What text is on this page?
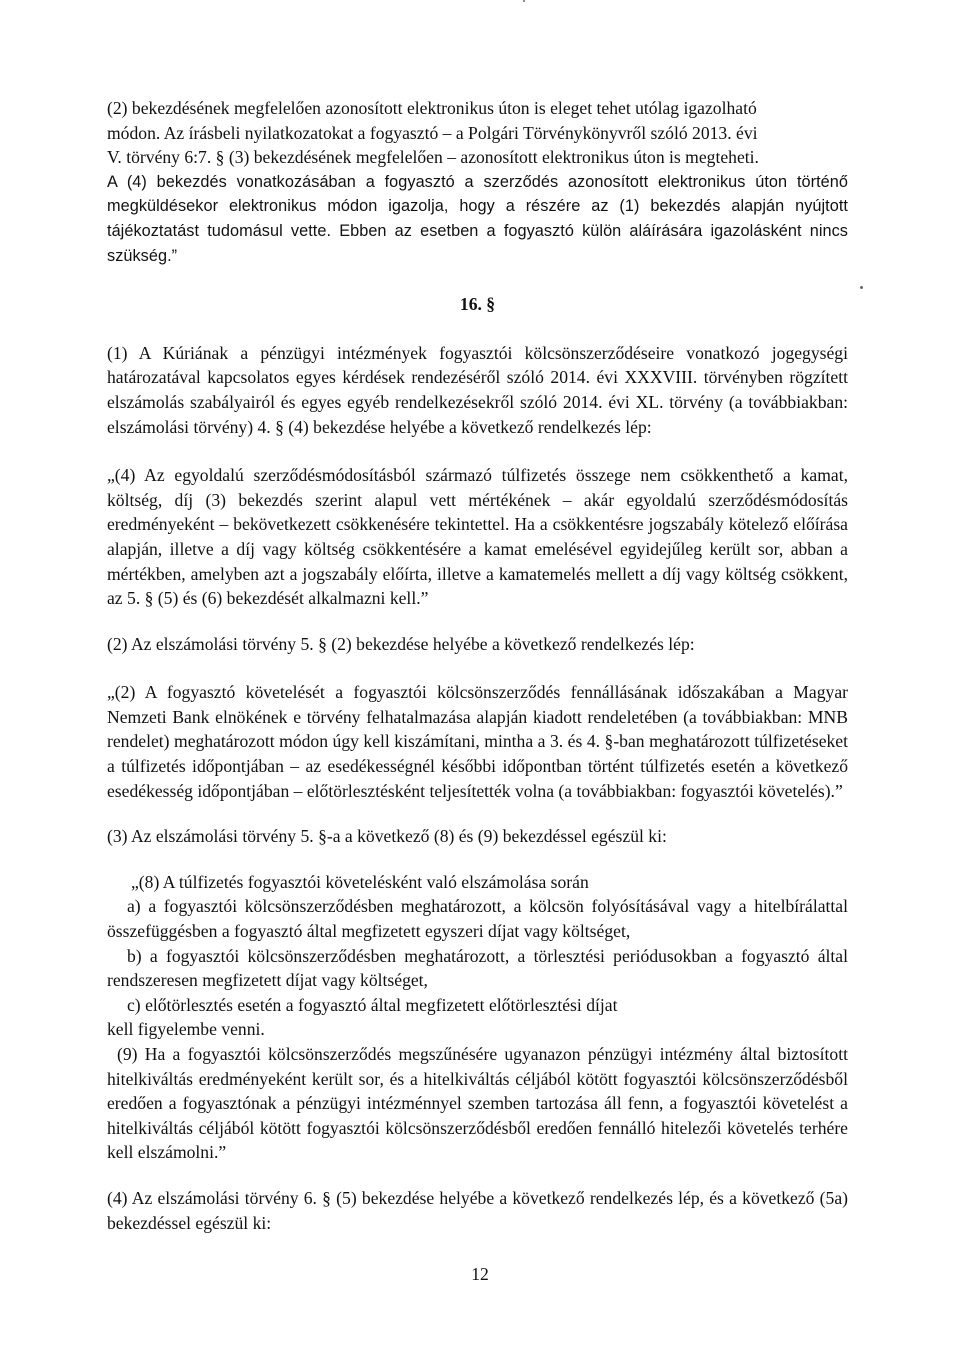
(2) bekezdésének megfelelően azonosított elektronikus úton is eleget tehet utólag igazolható

módon. Az írásbeli nyilatkozatokat a fogyasztó – a Polgári Törvénykönyvről szóló 2013. évi

V. törvény 6:7. § (3) bekezdésének megfelelően – azonosított elektronikus úton is megteheti.

A (4) bekezdés vonatkozásában a fogyasztó a szerződés azonosított elektronikus úton történő megküldésekor elektronikus módon igazolja, hogy a részére az (1) bekezdés alapján nyújtott tájékoztatást tudomásul vette. Ebben az esetben a fogyasztó külön aláírására igazolásként nincs szükség.”

16. §

(1) A Kúriának a pénzügyi intézmények fogyasztói kölcsönszerződéseire vonatkozó jogegységi határozatával kapcsolatos egyes kérdések rendezéséről szóló 2014. évi XXXVIII. törvényben rögzített elszámolás szabályairól és egyes egyéb rendelkezésekről szóló 2014. évi XL. törvény (a továbbiakban: elszámolási törvény) 4. § (4) bekezdése helyébe a következő rendelkezés lép:

„(4) Az egyoldalú szerződésmódosításból származó túlfizetés összege nem csökkenthető a kamat, költség, díj (3) bekezdés szerint alapul vett mértékének – akár egyoldalú szerződésmódosítás eredményeként – bekövetkezett csökkenésére tekintettel. Ha a csökkentésre jogszabály kötelező előírása alapján, illetve a díj vagy költség csökkentésére a kamat emelésével egyidejűleg került sor, abban a mértékben, amelyben azt a jogszabály előírta, illetve a kamatemelés mellett a díj vagy költség csökkent, az 5. § (5) és (6) bekezdését alkalmazni kell.”

(2) Az elszámolási törvény 5. § (2) bekezdése helyébe a következő rendelkezés lép:

„(2) A fogyasztó követelését a fogyasztói kölcsönszerződés fennállásának időszakában a Magyar Nemzeti Bank elnökének e törvény felhatalmazása alapján kiadott rendeletében (a továbbiakban: MNB rendelet) meghatározott módon úgy kell kiszámítani, mintha a 3. és 4. §-ban meghatározott túlfizetéseket a túlfizetés időpontjában – az esedékességnél későbbi időpontban történt túlfizetés esetén a következő esedékesség időpontjában – előtörlesztésként teljesítették volna (a továbbiakban: fogyasztói követelés).”

(3) Az elszámolási törvény 5. §-a a következő (8) és (9) bekezdéssel egészül ki:

„(8) A túlfizetés fogyasztói követelésként való elszámolása során

a) a fogyasztói kölcsönszerződésben meghatározott, a kölcsön folyósításával vagy a hitelbírálattal összefüggésben a fogyasztó által megfizetett egyszeri díjat vagy költséget,

b) a fogyasztói kölcsönszerződésben meghatározott, a törlesztési periódusokban a fogyasztó által rendszeresen megfizetett díjat vagy költséget,

c) előtörlesztés esetén a fogyasztó által megfizetett előtörlesztési díjat

kell figyelembe venni.

(9) Ha a fogyasztói kölcsönszerződés megszűnésére ugyanazon pénzügyi intézmény által biztosított hitelkiváltás eredményeként került sor, és a hitelkiváltás céljából kötött fogyasztói kölcsönszerződésből eredően a fogyasztónak a pénzügyi intézménnyel szemben tartozása áll fenn, a fogyasztói követelést a hitelkiváltás céljából kötött fogyasztói kölcsönszerződésből eredően fennálló hitelezői követelés terhére kell elszámolni.”

(4) Az elszámolási törvény 6. § (5) bekezdése helyébe a következő rendelkezés lép, és a következő (5a) bekezdéssel egészül ki:

12
